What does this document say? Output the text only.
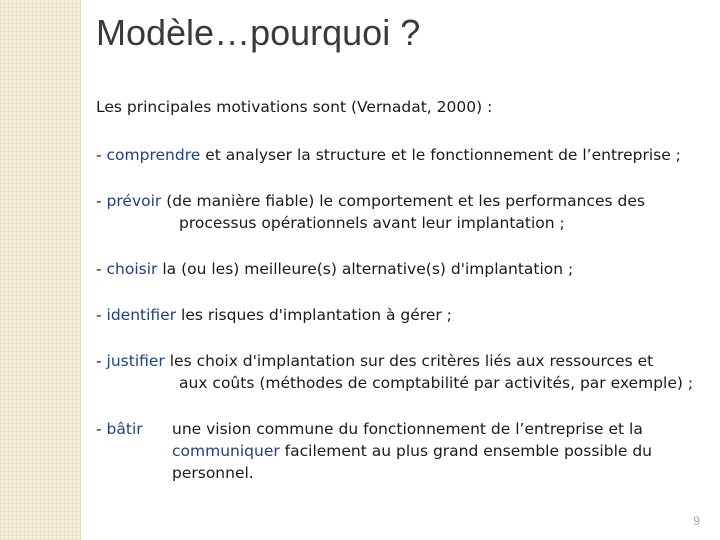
Modèle…pourquoi ?

Les principales motivations sont (Vernadat, 2000) :

- comprendre et analyser la structure et le fonctionnement de l’entreprise ;

- prévoir (de manière fiable) le comportement et les performances des
processus opérationnels avant leur implantation ;

- choisir la (ou les) meilleure(s) alternative(s) d'implantation ;

- identifier les risques d'implantation à gérer ;

- justifier les choix d'implantation sur des critères liés aux ressources et
aux coûts (méthodes de comptabilité par activités, par exemple) ;

- bâtir	une vision commune du fonctionnement de l’entreprise et la
communiquer facilement au plus grand ensemble possible du personnel.
9
